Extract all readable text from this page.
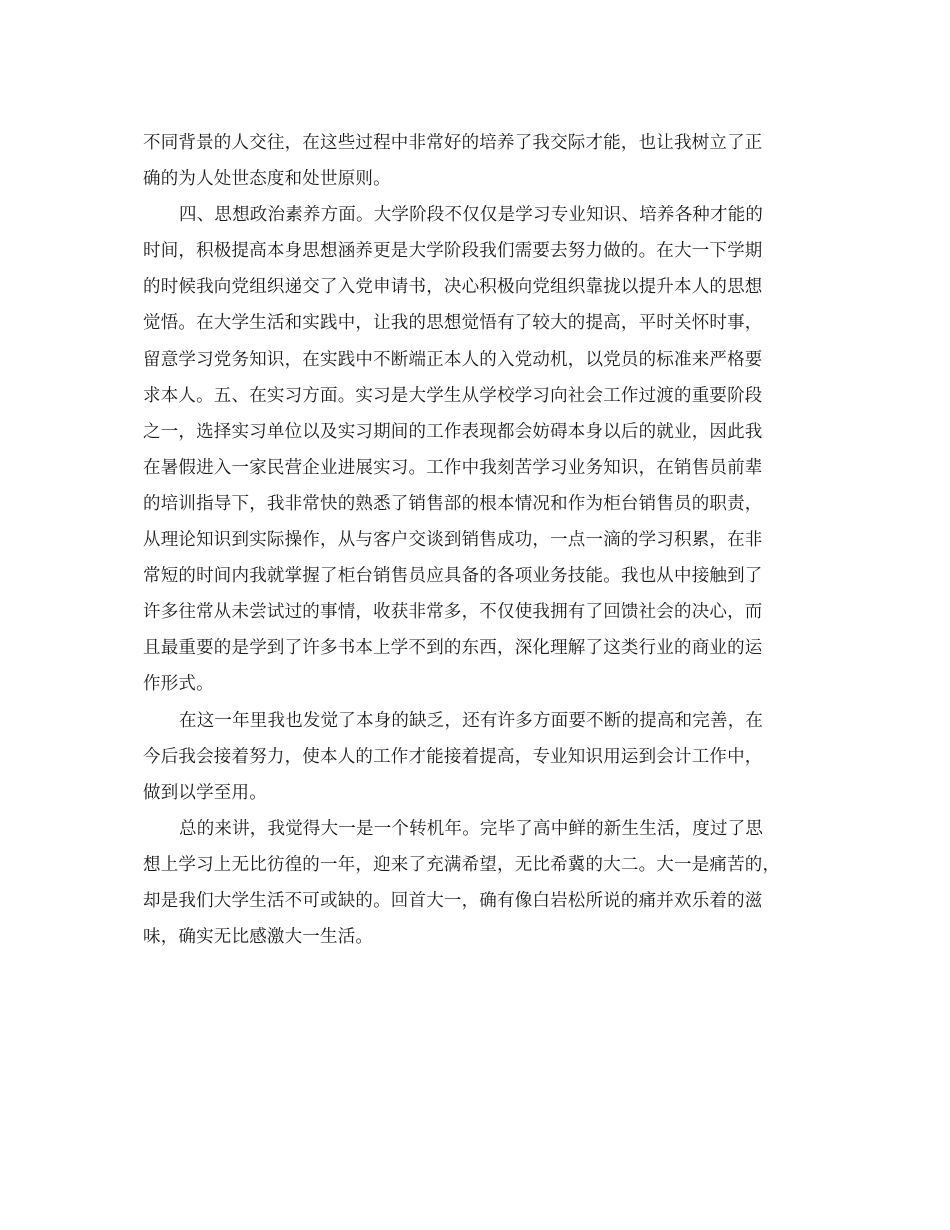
不同背景的人交往，在这些过程中非常好的培养了我交际才能，也让我树立了正
确的为人处世态度和处世原则。
四、思想政治素养方面。大学阶段不仅仅是学习专业知识、培养各种才能的
时间，积极提高本身思想涵养更是大学阶段我们需要去努力做的。在大一下学期
的时候我向党组织递交了入党申请书，决心积极向党组织靠拢以提升本人的思想
觉悟。在大学生活和实践中，让我的思想觉悟有了较大的提高，平时关怀时事，
留意学习党务知识，在实践中不断端正本人的入党动机，以党员的标准来严格要
求本人。五、在实习方面。实习是大学生从学校学习向社会工作过渡的重要阶段
之一，选择实习单位以及实习期间的工作表现都会妨碍本身以后的就业，因此我
在暑假进入一家民营企业进展实习。工作中我刻苦学习业务知识，在销售员前辈
的培训指导下，我非常快的熟悉了销售部的根本情况和作为柜台销售员的职责，
从理论知识到实际操作，从与客户交谈到销售成功，一点一滴的学习积累，在非
常短的时间内我就掌握了柜台销售员应具备的各项业务技能。我也从中接触到了
许多往常从未尝试过的事情，收获非常多，不仅使我拥有了回馈社会的决心，而
且最重要的是学到了许多书本上学不到的东西，深化理解了这类行业的商业的运
作形式。
在这一年里我也发觉了本身的缺乏，还有许多方面要不断的提高和完善，在
今后我会接着努力，使本人的工作才能接着提高，专业知识用运到会计工作中，
做到以学至用。
总的来讲，我觉得大一是一个转机年。完毕了高中鲜的新生生活，度过了思
想上学习上无比彷徨的一年，迎来了充满希望，无比希冀的大二。大一是痛苦的，
却是我们大学生活不可或缺的。回首大一，确有像白岩松所说的痛并欢乐着的滋
味，确实无比感激大一生活。
